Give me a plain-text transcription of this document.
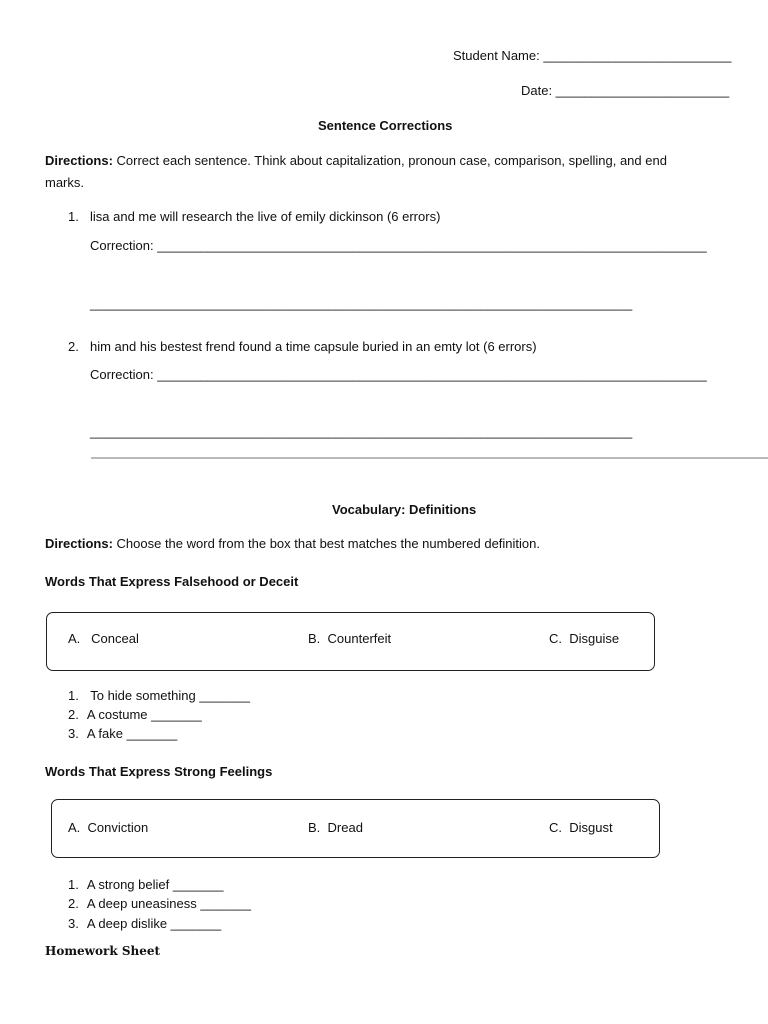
Student Name: __________________________
Date: ________________________
Sentence Corrections
Directions: Correct each sentence. Think about capitalization, pronoun case, comparison, spelling, and end
marks.
1. lisa and me will research the live of emily dickinson (6 errors)
Correction: ____________________________________________________________________________
___________________________________________________________________________
2. him and his bestest frend found a time capsule buried in an emty lot (6 errors)
Correction: ____________________________________________________________________________
___________________________________________________________________________
Vocabulary: Definitions
Directions: Choose the word from the box that best matches the numbered definition.
Words That Express Falsehood or Deceit
A. Conceal	B. Counterfeit	C. Disguise
1. To hide something _______
2. A costume _______
3. A fake _______
Words That Express Strong Feelings
A. Conviction	B. Dread	C. Disgust
1. A strong belief _______
2. A deep uneasiness _______
3. A deep dislike _______
Homework Sheet
